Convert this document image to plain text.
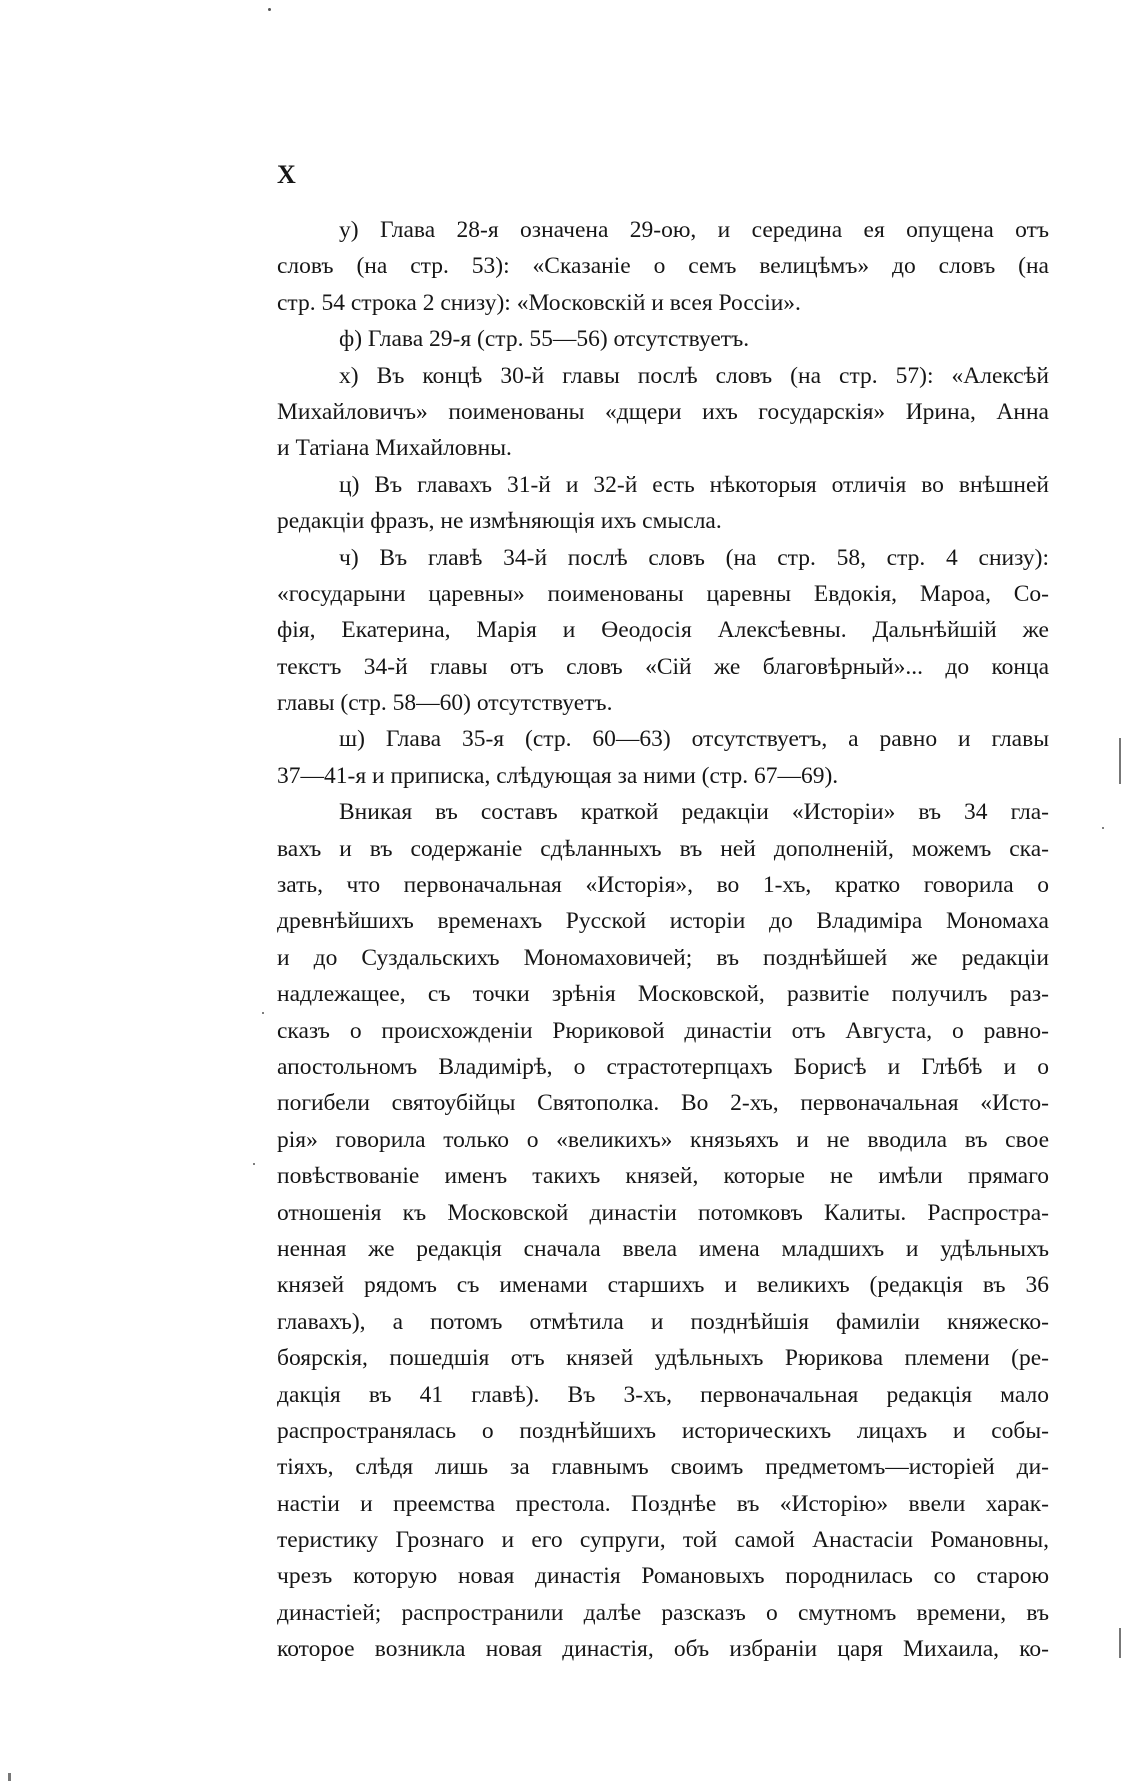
X
у) Глава 28-я означена 29-ою, и середина ея опущена отъ
словъ (на стр. 53): «Сказаніе о семъ велицѣмъ» до словъ (на
стр. 54 строка 2 снизу): «Московскій и всея Россіи».
ф) Глава 29-я (стр. 55—56) отсутствуетъ.
х) Въ концѣ 30-й главы послѣ словъ (на стр. 57): «Алексѣй
Михайловичъ» поименованы «дщери ихъ государскія» Ирина, Анна
и Татіана Михайловны.
ц) Въ главахъ 31-й и 32-й есть нѣкоторыя отличія во внѣшней
редакціи фразъ, не измѣняющія ихъ смысла.
ч) Въ главѣ 34-й послѣ словъ (на стр. 58, стр. 4 снизу):
«государыни царевны» поименованы царевны Евдокія, Мароа, Со-
фія, Екатерина, Марія и Өеодосія Алексѣевны. Дальнѣйшій же
текстъ 34-й главы отъ словъ «Сій же благовѣрный»... до конца
главы (стр. 58—60) отсутствуетъ.
ш) Глава 35-я (стр. 60—63) отсутствуетъ, а равно и главы
37—41-я и приписка, слѣдующая за ними (стр. 67—69).
Вникая въ составъ краткой редакціи «Исторіи» въ 34 гла-
вахъ и въ содержаніе сдѣланныхъ въ ней дополненій, можемъ ска-
зать, что первоначальная «Исторія», во 1-хъ, кратко говорила о
древнѣйшихъ временахъ Русской исторіи до Владиміра Мономаха
и до Суздальскихъ Мономаховичей; въ позднѣйшей же редакціи
надлежащее, съ точки зрѣнія Московской, развитіе получилъ раз-
сказъ о происхожденіи Рюриковой династіи отъ Августа, о равно-
апостольномъ Владимірѣ, о страстотерпцахъ Борисѣ и Глѣбѣ и о
погибели святоубійцы Святополка. Во 2-хъ, первоначальная «Исто-
рія» говорила только о «великихъ» князьяхъ и не вводила въ свое
повѣствованіе именъ такихъ князей, которые не имѣли прямаго
отношенія къ Московской династіи потомковъ Калиты. Распростра-
ненная же редакція сначала ввела имена младшихъ и удѣльныхъ
князей рядомъ съ именами старшихъ и великихъ (редакція въ 36
главахъ), а потомъ отмѣтила и позднѣйшія фамиліи княжеско-
боярскія, пошедшія отъ князей удѣльныхъ Рюрикова племени (ре-
дакція въ 41 главѣ). Въ 3-хъ, первоначальная редакція мало
распространялась о позднѣйшихъ историческихъ лицахъ и собы-
тіяхъ, слѣдя лишь за главнымъ своимъ предметомъ—исторіей ди-
настіи и преемства престола. Позднѣе въ «Исторію» ввели харак-
теристику Грознаго и его супруги, той самой Анастасіи Романовны,
чрезъ которую новая династія Романовыхъ породнилась со старою
династіей; распространили далѣе разсказъ о смутномъ времени, въ
которое возникла новая династія, объ избраніи царя Михаила, ко-
